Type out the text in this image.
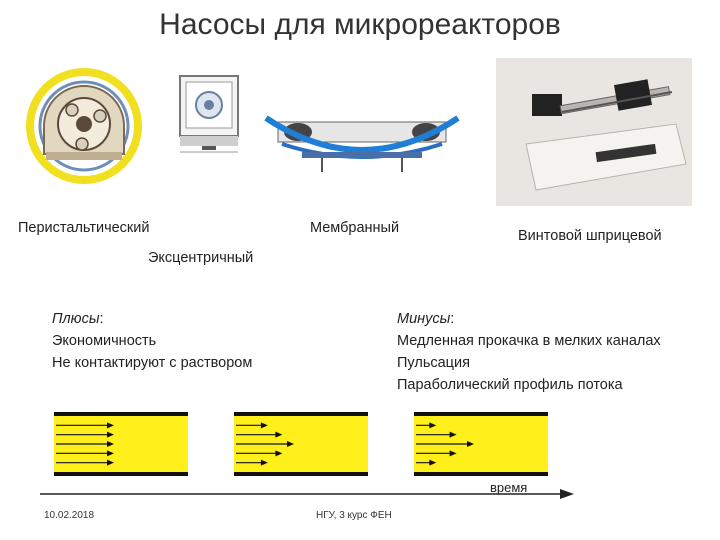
Насосы для микрореакторов
Перистальтический	Мембранный	Винтовой шприцевой
Эксцентричный
Плюсы:
Экономичность
Не контактируют с раствором
Минусы:
Медленная прокачка в мелких каналах
Пульсация
Параболический профиль потока
время
10.02.2018	НГУ, 3 курс ФЕН
